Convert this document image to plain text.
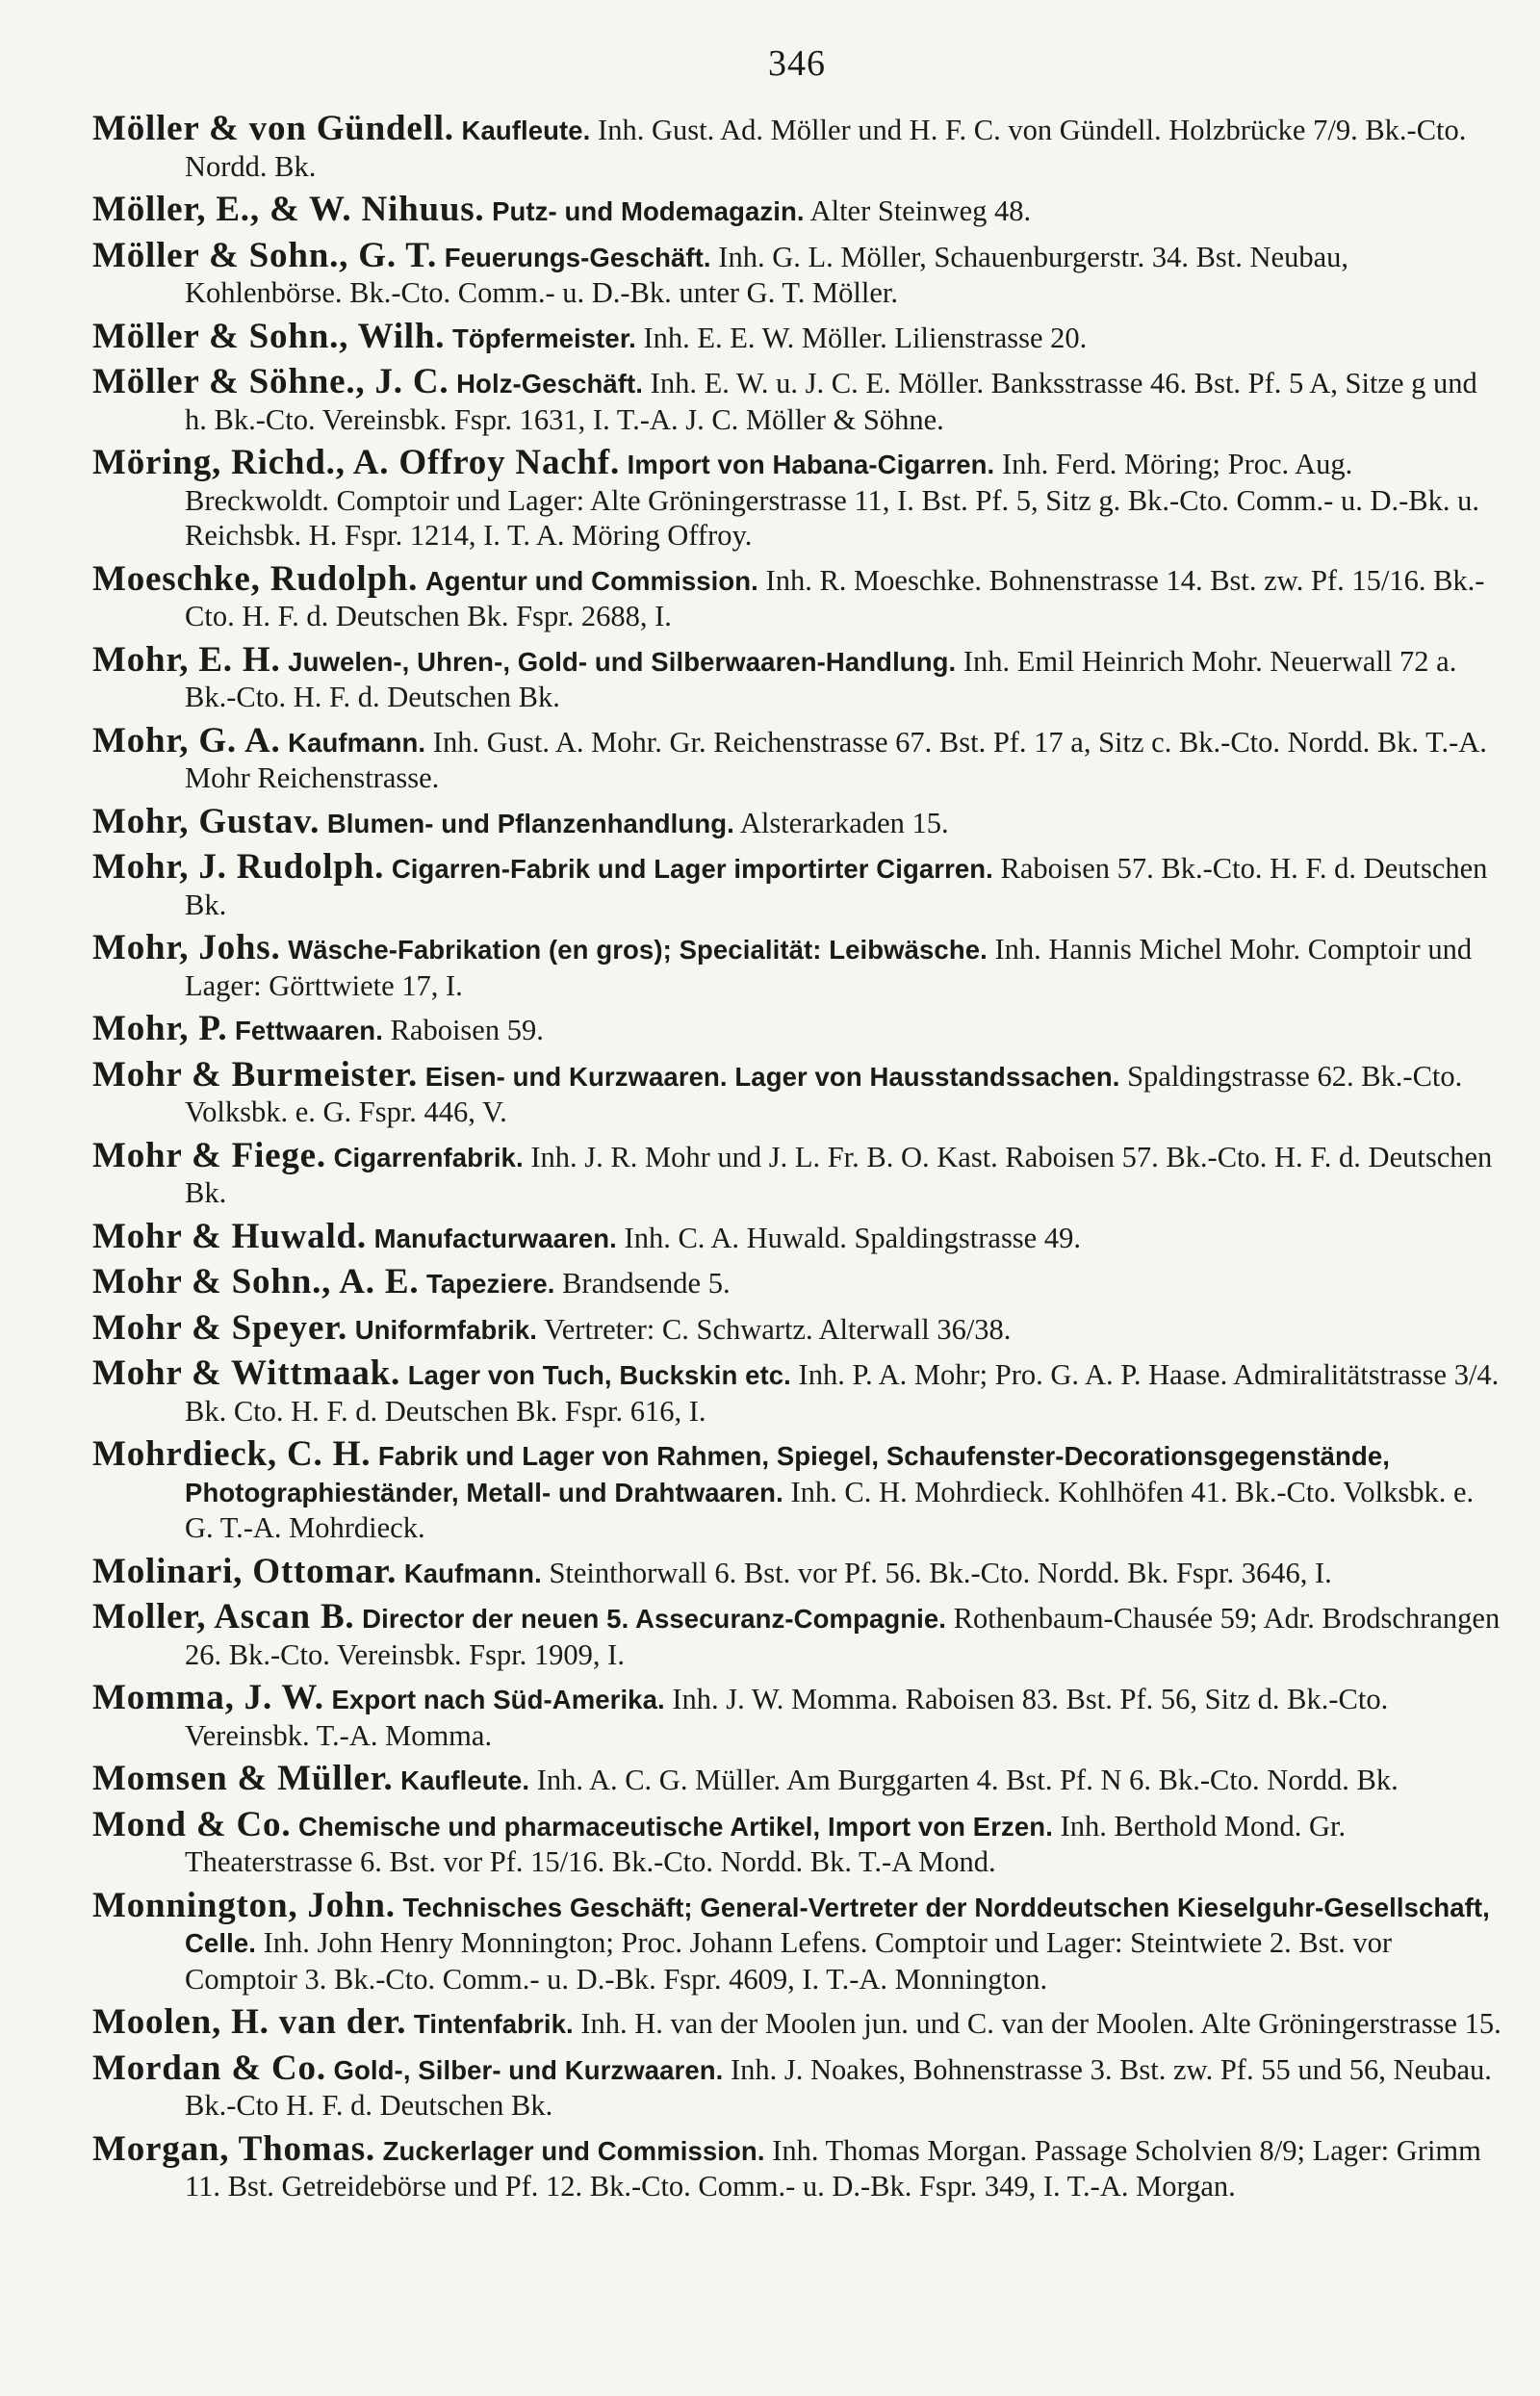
346
Möller & von Gündell. Kaufleute. Inh. Gust. Ad. Möller und H. F. C. von Gündell. Holzbrücke 7/9. Bk.-Cto. Nordd. Bk.
Möller, E., & W. Nihuus. Putz- und Modemagazin. Alter Steinweg 48.
Möller & Sohn., G. T. Feuerungs-Geschäft. Inh. G. L. Möller, Schauenburgerstr. 34. Bst. Neubau, Kohlenbörse. Bk.-Cto. Comm.- u. D.-Bk. unter G. T. Möller.
Möller & Sohn., Wilh. Töpfermeister. Inh. E. E. W. Möller. Lilienstrasse 20.
Möller & Söhne., J. C. Holz-Geschäft. Inh. E. W. u. J. C. E. Möller. Banksstrasse 46. Bst. Pf. 5 A, Sitze g und h. Bk.-Cto. Vereinsbk. Fspr. 1631, I. T.-A. J. C. Möller & Söhne.
Möring, Richd., A. Offroy Nachf. Import von Habana-Cigarren. Inh. Ferd. Möring; Proc. Aug. Breckwoldt. Comptoir und Lager: Alte Gröningerstrasse 11, I. Bst. Pf. 5, Sitz g. Bk.-Cto. Comm.- u. D.-Bk. u. Reichsbk. H. Fspr. 1214, I. T. A. Möring Offroy.
Moeschke, Rudolph. Agentur und Commission. Inh. R. Moeschke. Bohnenstrasse 14. Bst. zw. Pf. 15/16. Bk.-Cto. H. F. d. Deutschen Bk. Fspr. 2688, I.
Mohr, E. H. Juwelen-, Uhren-, Gold- und Silberwaaren-Handlung. Inh. Emil Heinrich Mohr. Neuerwall 72 a. Bk.-Cto. H. F. d. Deutschen Bk.
Mohr, G. A. Kaufmann. Inh. Gust. A. Mohr. Gr. Reichenstrasse 67. Bst. Pf. 17 a, Sitz c. Bk.-Cto. Nordd. Bk. T.-A. Mohr Reichenstrasse.
Mohr, Gustav. Blumen- und Pflanzenhandlung. Alsterarkaden 15.
Mohr, J. Rudolph. Cigarren-Fabrik und Lager importirter Cigarren. Raboisen 57. Bk.-Cto. H. F. d. Deutschen Bk.
Mohr, Johs. Wäsche-Fabrikation (en gros); Specialität: Leibwäsche. Inh. Hannis Michel Mohr. Comptoir und Lager: Görttwiete 17, I.
Mohr, P. Fettwaaren. Raboisen 59.
Mohr & Burmeister. Eisen- und Kurzwaaren. Lager von Hausstandssachen. Spaldingstrasse 62. Bk.-Cto. Volksbk. e. G. Fspr. 446, V.
Mohr & Fiege. Cigarrenfabrik. Inh. J. R. Mohr und J. L. Fr. B. O. Kast. Raboisen 57. Bk.-Cto. H. F. d. Deutschen Bk.
Mohr & Huwald. Manufacturwaaren. Inh. C. A. Huwald. Spaldingstrasse 49.
Mohr & Sohn., A. E. Tapeziere. Brandsende 5.
Mohr & Speyer. Uniformfabrik. Vertreter: C. Schwartz. Alterwall 36/38.
Mohr & Wittmaak. Lager von Tuch, Buckskin etc. Inh. P. A. Mohr; Pro. G. A. P. Haase. Admiralitätstrasse 3/4. Bk. Cto. H. F. d. Deutschen Bk. Fspr. 616, I.
Mohrdieck, C. H. Fabrik und Lager von Rahmen, Spiegel, Schaufenster-Decorationsgegenstände, Photographieständer, Metall- und Drahtwaaren. Inh. C. H. Mohrdieck. Kohlhöfen 41. Bk.-Cto. Volksbk. e. G. T.-A. Mohrdieck.
Molinari, Ottomar. Kaufmann. Steinthorwall 6. Bst. vor Pf. 56. Bk.-Cto. Nordd. Bk. Fspr. 3646, I.
Moller, Ascan B. Director der neuen 5. Assecuranz-Compagnie. Rothenbaum-Chausée 59; Adr. Brodschrangen 26. Bk.-Cto. Vereinsbk. Fspr. 1909, I.
Momma, J. W. Export nach Süd-Amerika. Inh. J. W. Momma. Raboisen 83. Bst. Pf. 56, Sitz d. Bk.-Cto. Vereinsbk. T.-A. Momma.
Momsen & Müller. Kaufleute. Inh. A. C. G. Müller. Am Burggarten 4. Bst. Pf. N 6. Bk.-Cto. Nordd. Bk.
Mond & Co. Chemische und pharmaceutische Artikel, Import von Erzen. Inh. Berthold Mond. Gr. Theaterstrasse 6. Bst. vor Pf. 15/16. Bk.-Cto. Nordd. Bk. T.-A Mond.
Monnington, John. Technisches Geschäft; General-Vertreter der Norddeutschen Kieselguhr-Gesellschaft, Celle. Inh. John Henry Monnington; Proc. Johann Lefens. Comptoir und Lager: Steintwiete 2. Bst. vor Comptoir 3. Bk.-Cto. Comm.- u. D.-Bk. Fspr. 4609, I. T.-A. Monnington.
Moolen, H. van der. Tintenfabrik. Inh. H. van der Moolen jun. und C. van der Moolen. Alte Gröningerstrasse 15.
Mordan & Co. Gold-, Silber- und Kurzwaaren. Inh. J. Noakes, Bohnenstrasse 3. Bst. zw. Pf. 55 und 56, Neubau. Bk.-Cto H. F. d. Deutschen Bk.
Morgan, Thomas. Zuckerlager und Commission. Inh. Thomas Morgan. Passage Scholvien 8/9; Lager: Grimm 11. Bst. Getreidebörse und Pf. 12. Bk.-Cto. Comm.- u. D.-Bk. Fspr. 349, I. T.-A. Morgan.
